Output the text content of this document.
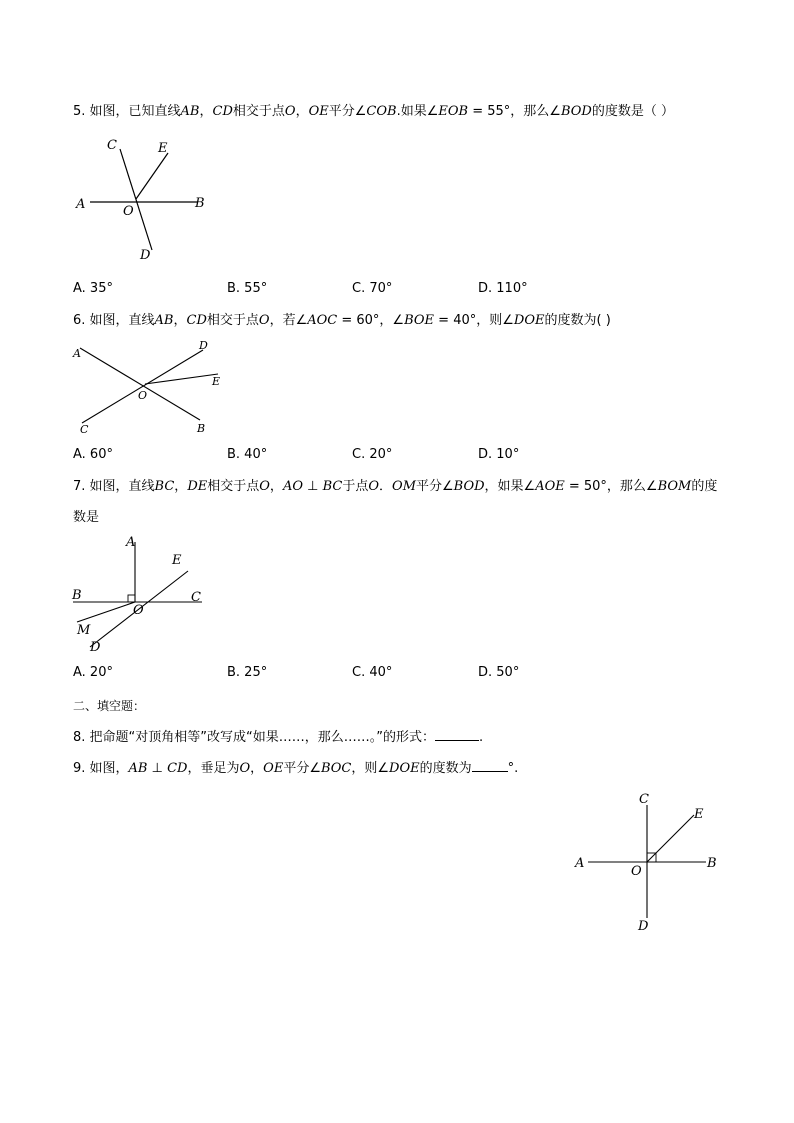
5. 如图，已知直线AB，CD相交于点O，OE平分∠COB.如果∠EOB = 55°，那么∠BOD的度数是（ ）
A	B
C
D
E
O
A. 35°	B. 55°	C. 70°	D. 110°
6. 如图，直线AB，CD相交于点O，若∠AOC = 60°，∠BOE = 40°，则∠DOE的度数为( )
A
B
C
D
E
O
A. 60°	B. 40°	C. 20°	D. 10°
7. 如图，直线BC，DE相交于点O，AO ⊥ BC于点O．OM平分∠BOD，如果∠AOE = 50°，那么∠BOM的度
数是
A
B	C
D
E
O
M
A. 20°	B. 25°	C. 40°	D. 50°
二、填空题：
8. 把命题“对顶角相等”改写成“如果……，那么……。”的形式：	.
9. 如图，AB ⊥ CD，垂足为O，OE平分∠BOC，则∠DOE的度数为	°.
A	B
C
D
E
O
